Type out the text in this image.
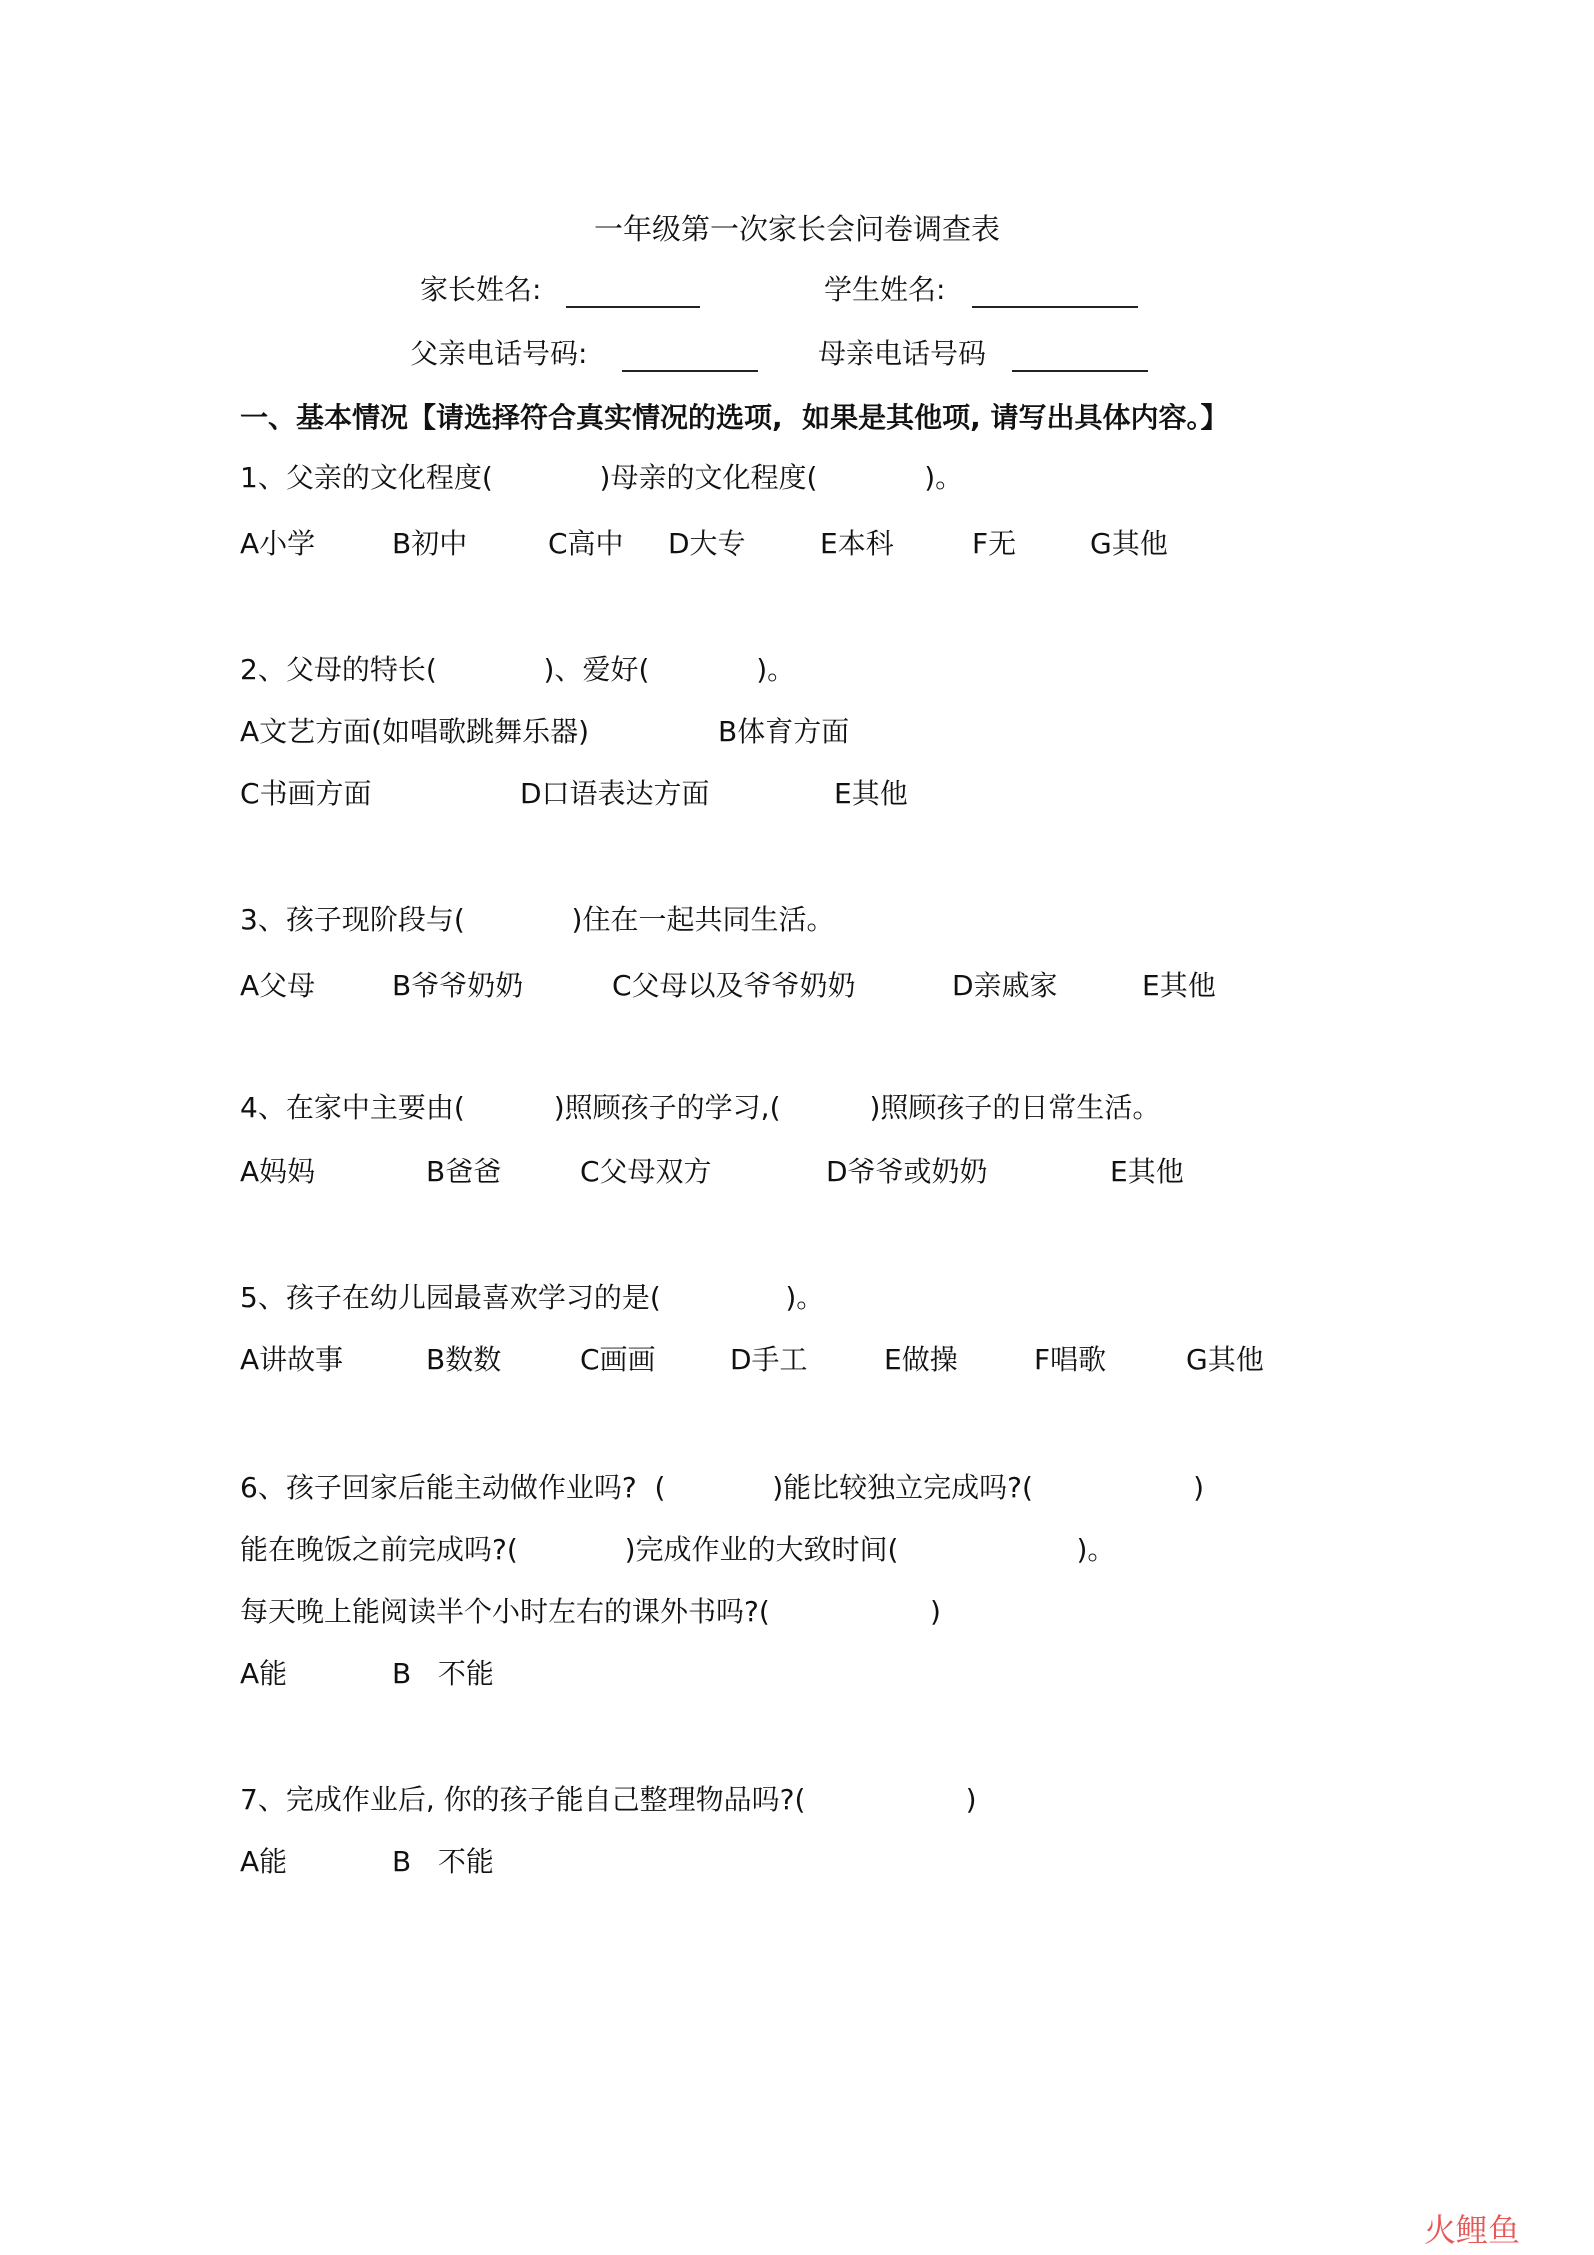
一年级第一次家长会问卷调查表
家长姓名:	学生姓名:
父亲电话号码:	母亲电话号码
一、基本情况【请选择符合真实情况的选项,  如果是其他项, 请写出具体内容。】
1、父亲的文化程度(            )母亲的文化程度(            )。
A小学	B初中	C高中 D大专	E本科	F无	G其他
2、父母的特长(            )、爱好(            )。
A文艺方面(如唱歌跳舞乐器)	B体育方面
C书画方面	D口语表达方面	E其他
3、孩子现阶段与(            )住在一起共同生活。
A父母	B爷爷奶奶	C父母以及爷爷奶奶	D亲戚家	E其他
4、在家中主要由(          )照顾孩子的学习,(          )照顾孩子的日常生活。
A妈妈	B爸爸	C父母双方	D爷爷或奶奶	E其他
5、孩子在幼儿园最喜欢学习的是(              )。
A讲故事	B数数	C画画	D手工	E做操	F唱歌	G其他
6、孩子回家后能主动做作业吗?  (            )能比较独立完成吗?(                  )
能在晚饭之前完成吗?(            )完成作业的大致时间(                    )。
每天晚上能阅读半个小时左右的课外书吗?(                  )
A能	B   不能
7、完成作业后, 你的孩子能自己整理物品吗?(                  )
A能	B   不能
火鲤鱼
